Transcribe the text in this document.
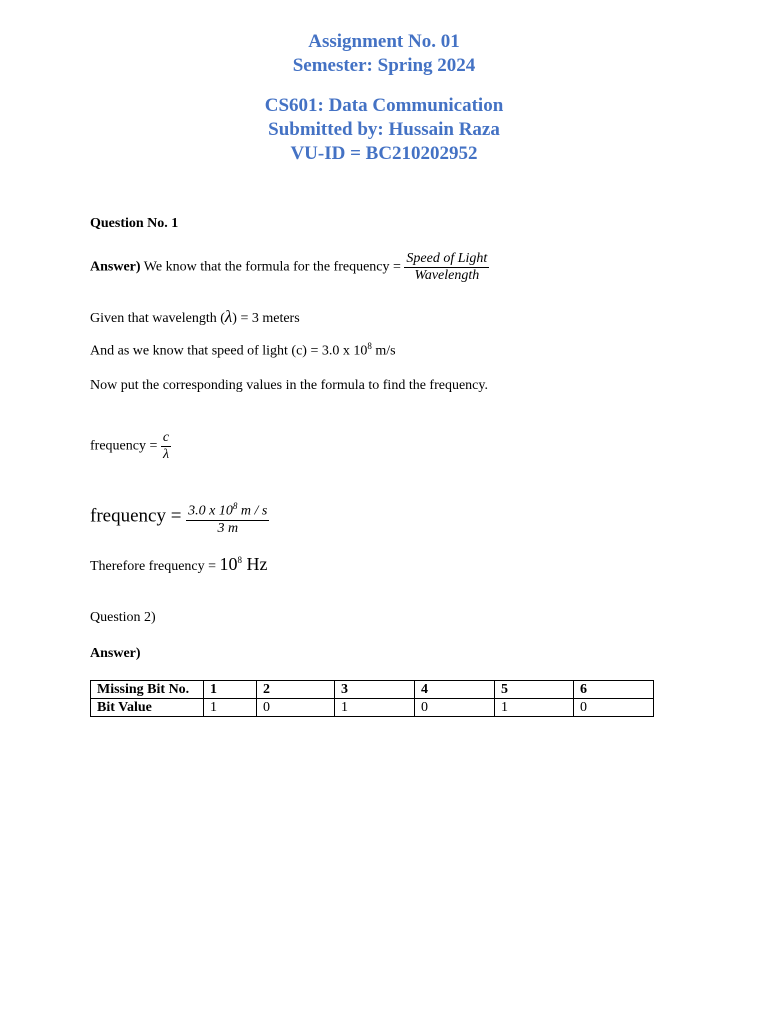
Assignment No. 01
Semester: Spring 2024
CS601: Data Communication
Submitted by: Hussain Raza
VU-ID = BC210202952
Question No. 1
Answer) We know that the formula for the frequency = $\frac{\text{Speed of Light}}{\text{Wavelength}}$
Given that wavelength (λ) = 3 meters
And as we know that speed of light (c) = 3.0 x $10^8$ m/s
Now put the corresponding values in the formula to find the frequency.
frequency = $\frac{c}{\lambda}$
frequency = $\frac{3.0 x 10^8 m / s}{3 m}$
Therefore frequency = $10^8$ Hz
Question 2)
Answer)
Missing Bit No.	1	2	3	4	5	6
Bit Value	1	0	1	0	1	0
